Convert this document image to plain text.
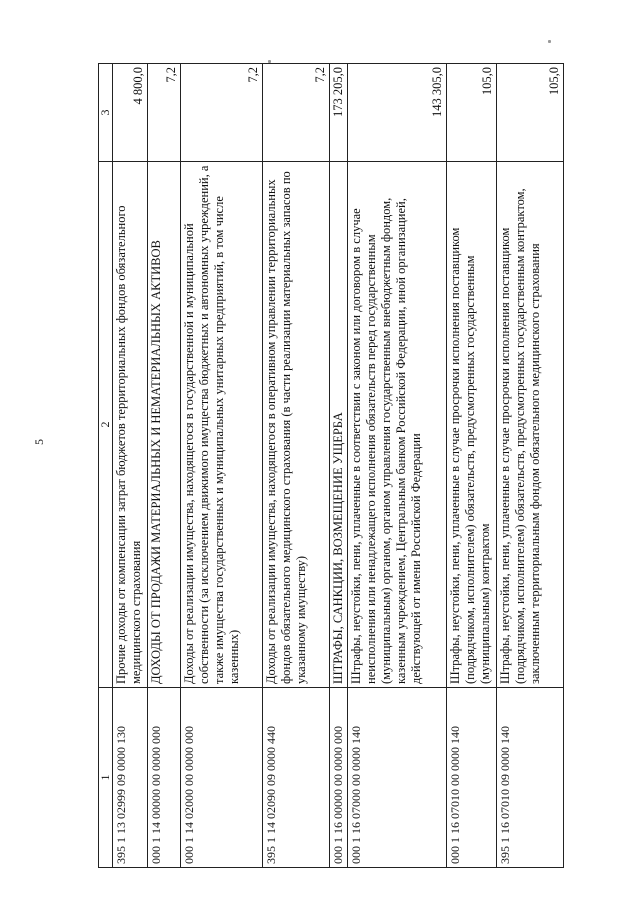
5
1	2	3
395 1 13 02999 09 0000 130	Прочие доходы от компенсации затрат бюджетов территориальных фондов обязательного медицинского страхования	4 800,0
000 1 14 00000 00 0000 000	ДОХОДЫ ОТ ПРОДАЖИ МАТЕРИАЛЬНЫХ И НЕМАТЕРИАЛЬНЫХ АКТИВОВ	7,2
000 1 14 02000 00 0000 000	Доходы от реализации имущества, находящегося в государственной и муниципальной собственности (за исключением движимого имущества бюджетных и автономных учреждений, а также имущества государственных и муниципальных унитарных предприятий, в том числе казенных)	7,2
395 1 14 02090 09 0000 440	Доходы от реализации имущества, находящегося в оперативном управлении территориальных фондов обязательного медицинского страхования (в части реализации материальных запасов по указанному имуществу)	7,2
000 1 16 00000 00 0000 000	ШТРАФЫ, САНКЦИИ, ВОЗМЕЩЕНИЕ УЩЕРБА	173 205,0
000 1 16 07000 00 0000 140	Штрафы, неустойки, пени, уплаченные в соответствии с законом или договором в случае неисполнения или ненадлежащего исполнения обязательств перед государственным (муниципальным) органом, органом управления государственным внебюджетным фондом, казенным учреждением, Центральным банком Российской Федерации, иной организацией, действующей от имени Российской Федерации	143 305,0
000 1 16 07010 00 0000 140	Штрафы, неустойки, пени, уплаченные в случае просрочки исполнения поставщиком (подрядчиком, исполнителем) обязательств, предусмотренных государственным (муниципальным) контрактом	105,0
395 1 16 07010 09 0000 140	Штрафы, неустойки, пени, уплаченные в случае просрочки исполнения поставщиком (подрядчиком, исполнителем) обязательств, предусмотренных государственным контрактом, заключенным территориальным фондом обязательного медицинского страхования	105,0
